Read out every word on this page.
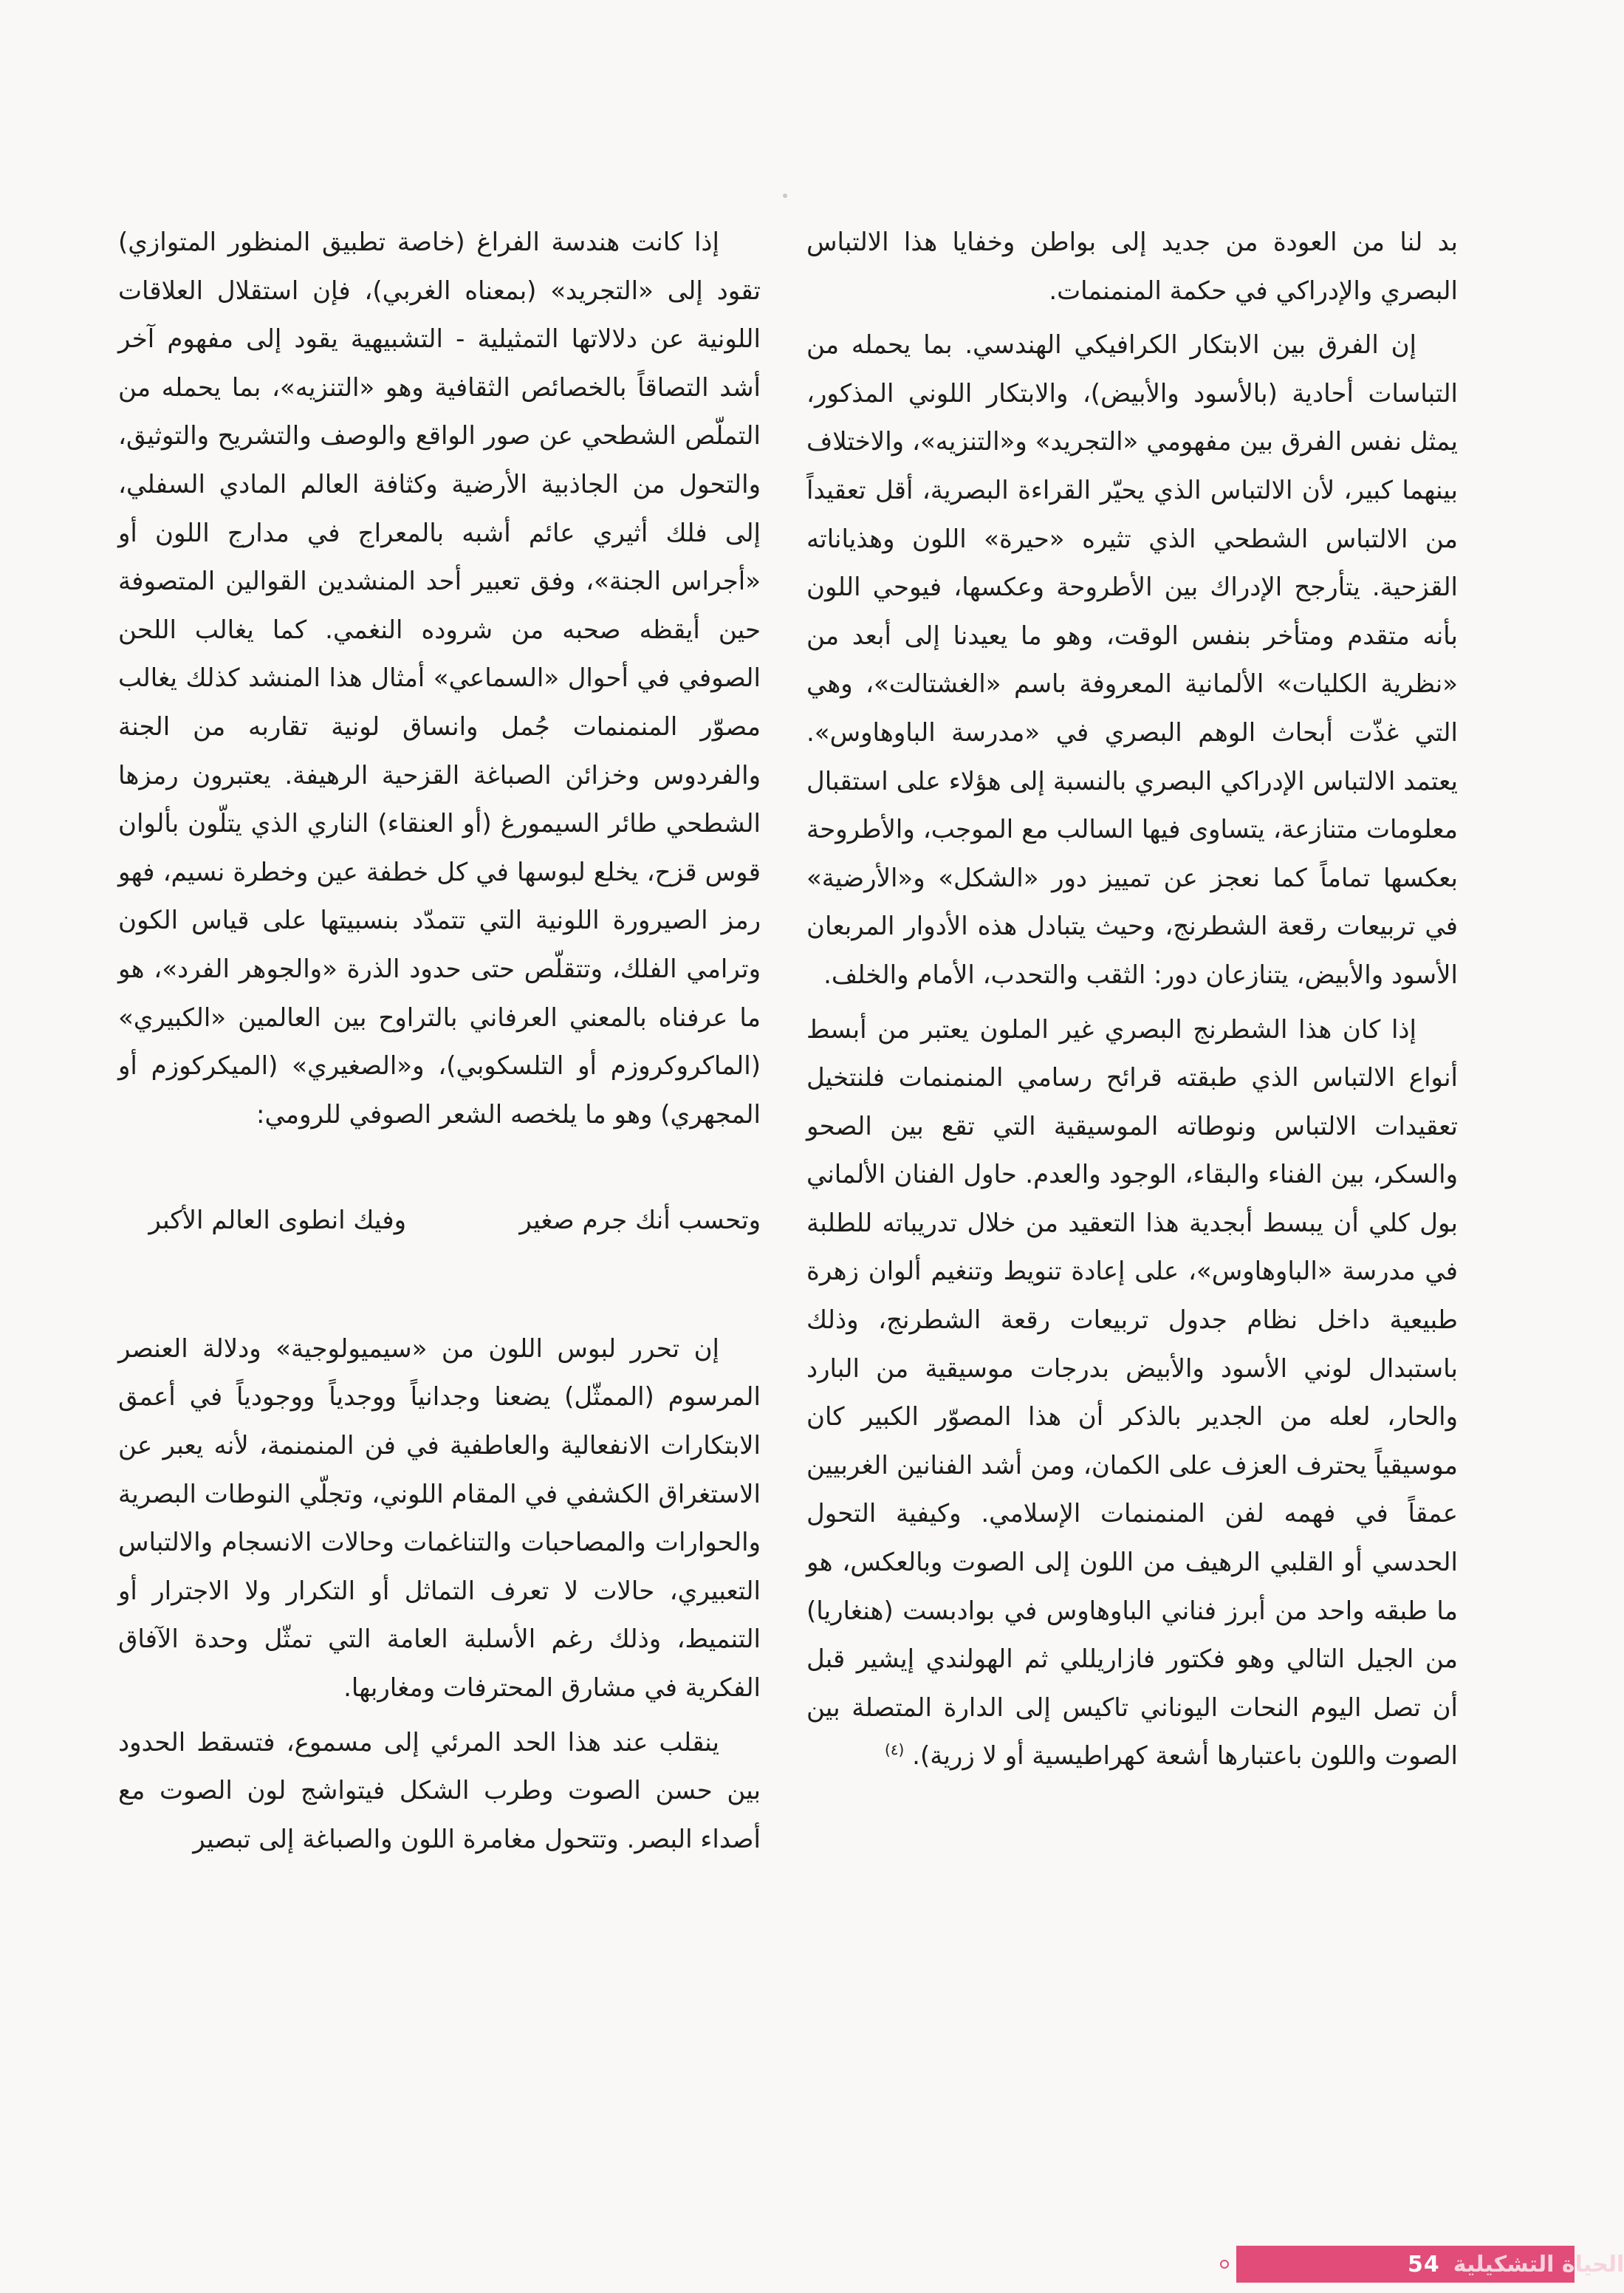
بد لنا من العودة من جديد إلى بواطن وخفايا هذا الالتباس البصري والإدراكي في حكمة المنمنمات.

إن الفرق بين الابتكار الكرافيكي الهندسي. بما يحمله من التباسات أحادية (بالأسود والأبيض)، والابتكار اللوني المذكور، يمثل نفس الفرق بين مفهومي «التجريد» و«التنزيه»، والاختلاف بينهما كبير، لأن الالتباس الذي يحيّر القراءة البصرية، أقل تعقيداً من الالتباس الشطحي الذي تثيره «حيرة» اللون وهذياناته القزحية. يتأرجح الإدراك بين الأطروحة وعكسها، فيوحي اللون بأنه متقدم ومتأخر بنفس الوقت، وهو ما يعيدنا إلى أبعد من «نظرية الكليات» الألمانية المعروفة باسم «الغشتالت»، وهي التي غذّت أبحاث الوهم البصري في «مدرسة الباوهاوس». يعتمد الالتباس الإدراكي البصري بالنسبة إلى هؤلاء على استقبال معلومات متنازعة، يتساوى فيها السالب مع الموجب، والأطروحة بعكسها تماماً كما نعجز عن تمييز دور «الشكل» و«الأرضية» في تربيعات رقعة الشطرنج، وحيث يتبادل هذه الأدوار المربعان الأسود والأبيض، يتنازعان دور: الثقب والتحدب، الأمام والخلف.

إذا كان هذا الشطرنج البصري غير الملون يعتبر من أبسط أنواع الالتباس الذي طبقته قرائح رسامي المنمنمات فلنتخيل تعقيدات الالتباس ونوطاته الموسيقية التي تقع بين الصحو والسكر، بين الفناء والبقاء، الوجود والعدم. حاول الفنان الألماني بول كلي أن يبسط أبجدية هذا التعقيد من خلال تدريباته للطلبة في مدرسة «الباوهاوس»، على إعادة تنويط وتنغيم ألوان زهرة طبيعية داخل نظام جدول تربيعات رقعة الشطرنج، وذلك باستبدال لوني الأسود والأبيض بدرجات موسيقية من البارد والحار، لعله من الجدير بالذكر أن هذا المصوّر الكبير كان موسيقياً يحترف العزف على الكمان، ومن أشد الفنانين الغربيين عمقاً في فهمه لفن المنمنمات الإسلامي. وكيفية التحول الحدسي أو القلبي الرهيف من اللون إلى الصوت وبالعكس، هو ما طبقه واحد من أبرز فناني الباوهاوس في بوادبست (هنغاريا) من الجيل التالي وهو فكتور فازاريللي ثم الهولندي إيشير قبل أن تصل اليوم النحات اليوناني تاكيس إلى الدارة المتصلة بين الصوت واللون باعتبارها أشعة كهراطيسية أو لا زرية). $^{(٤)}$

إذا كانت هندسة الفراغ (خاصة تطبيق المنظور المتوازي) تقود إلى «التجريد» (بمعناه الغربي)، فإن استقلال العلاقات اللونية عن دلالاتها التمثيلية - التشبيهية يقود إلى مفهوم آخر أشد التصاقاً بالخصائص الثقافية وهو «التنزيه»، بما يحمله من التملّص الشطحي عن صور الواقع والوصف والتشريح والتوثيق، والتحول من الجاذبية الأرضية وكثافة العالم المادي السفلي، إلى فلك أثيري عائم أشبه بالمعراج في مدارج اللون أو «أجراس الجنة»، وفق تعبير أحد المنشدين القوالين المتصوفة حين أيقظه صحبه من شروده النغمي. كما يغالب اللحن الصوفي في أحوال «السماعي» أمثال هذا المنشد كذلك يغالب مصوّر المنمنمات جُمل وانساق لونية تقاربه من الجنة والفردوس وخزائن الصباغة القزحية الرهيفة. يعتبرون رمزها الشطحي طائر السيمورغ (أو العنقاء) الناري الذي يتلّون بألوان قوس قزح، يخلع لبوسها في كل خطفة عين وخطرة نسيم، فهو رمز الصيرورة اللونية التي تتمدّد بنسبيتها على قياس الكون وترامي الفلك، وتتقلّص حتى حدود الذرة «والجوهر الفرد»، هو ما عرفناه بالمعني العرفاني بالتراوح بين العالمين «الكبيري» (الماكروكروزم أو التلسكوبي)، و«الصغيري» (الميكركوزم أو المجهري) وهو ما يلخصه الشعر الصوفي للرومي:

وتحسب أنك جرم صغير
وفيك انطوى العالم الأكبر

إن تحرر لبوس اللون من «سيميولوجية» ودلالة العنصر المرسوم (الممثّل) يضعنا وجدانياً ووجدياً ووجودياً في أعمق الابتكارات الانفعالية والعاطفية في فن المنمنمة، لأنه يعبر عن الاستغراق الكشفي في المقام اللوني، وتجلّي النوطات البصرية والحوارات والمصاحبات والتناغمات وحالات الانسجام والالتباس التعبيري، حالات لا تعرف التماثل أو التكرار ولا الاجترار أو التنميط، وذلك رغم الأسلبة العامة التي تمثّل وحدة الآفاق الفكرية في مشارق المحترفات ومغاربها.

ينقلب عند هذا الحد المرئي إلى مسموع، فتسقط الحدود بين حسن الصوت وطرب الشكل فيتواشج لون الصوت مع أصداء البصر. وتتحول مغامرة اللون والصباغة إلى تبصير

54 الحياة التشكيلية
